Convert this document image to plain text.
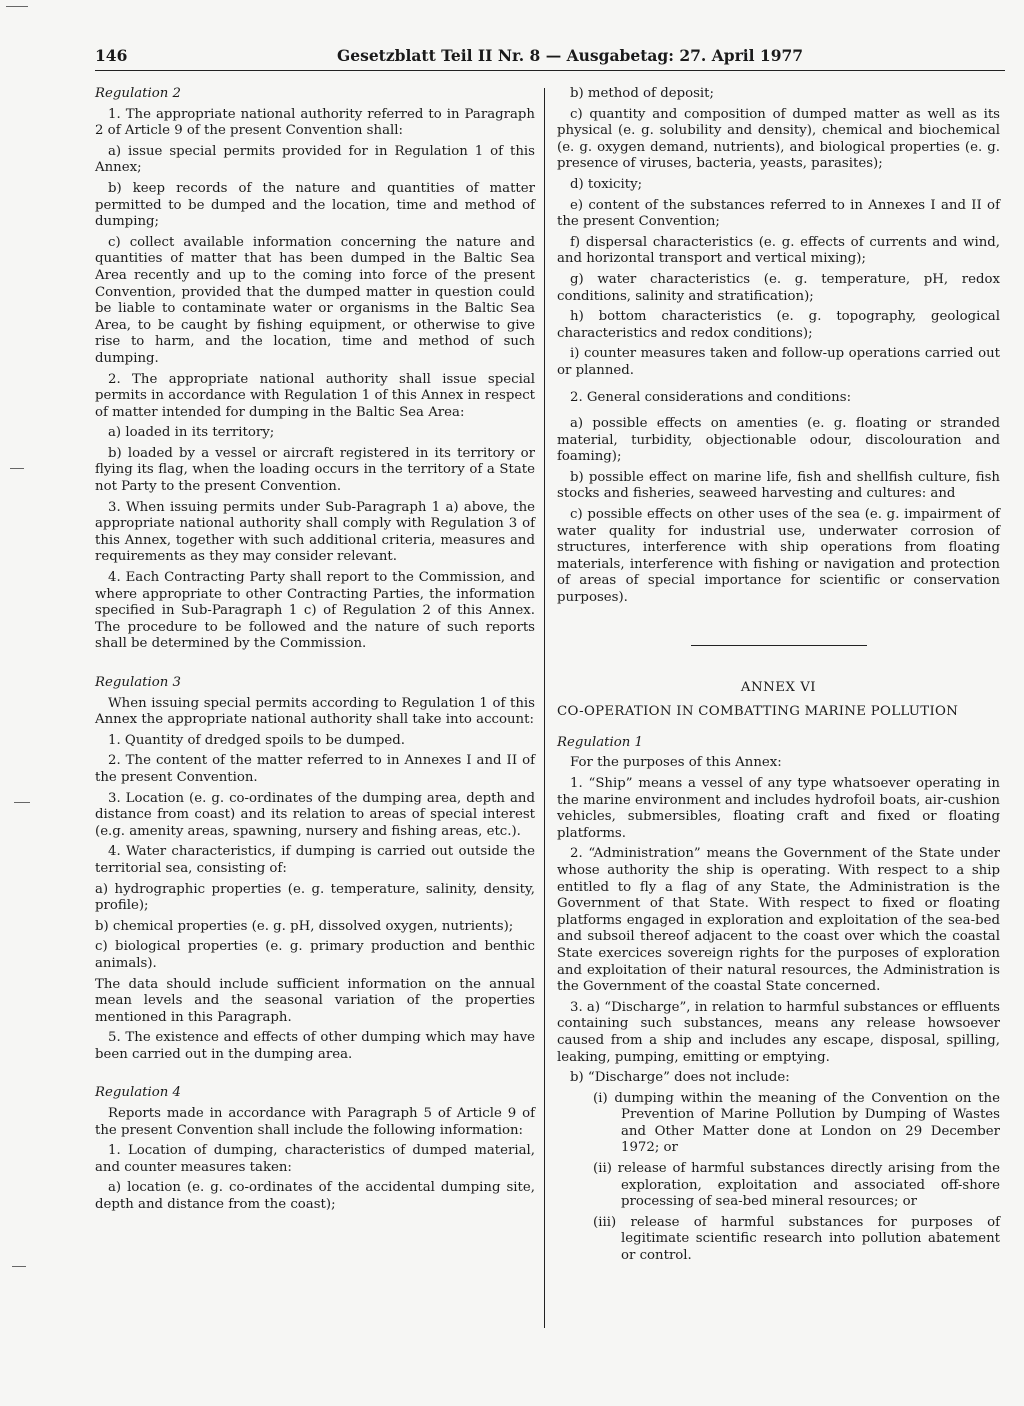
146	Gesetzblatt Teil II Nr. 8 — Ausgabetag: 27. April 1977

Regulation 2

1. The appropriate national authority referred to in Paragraph 2 of Article 9 of the present Convention shall:

a) issue special permits provided for in Regulation 1 of this Annex;

b) keep records of the nature and quantities of matter permitted to be dumped and the location, time and method of dumping;

c) collect available information concerning the nature and quantities of matter that has been dumped in the Baltic Sea Area recently and up to the coming into force of the present Convention, provided that the dumped matter in question could be liable to contaminate water or organisms in the Baltic Sea Area, to be caught by fishing equipment, or otherwise to give rise to harm, and the location, time and method of such dumping.

2. The appropriate national authority shall issue special permits in accordance with Regulation 1 of this Annex in respect of matter intended for dumping in the Baltic Sea Area:

a) loaded in its territory;

b) loaded by a vessel or aircraft registered in its territory or flying its flag, when the loading occurs in the territory of a State not Party to the present Convention.

3. When issuing permits under Sub-Paragraph 1 a) above, the appropriate national authority shall comply with Regulation 3 of this Annex, together with such additional criteria, measures and requirements as they may consider relevant.

4. Each Contracting Party shall report to the Commission, and where appropriate to other Contracting Parties, the information specified in Sub-Paragraph 1 c) of Regulation 2 of this Annex. The procedure to be followed and the nature of such reports shall be determined by the Commission.

Regulation 3

When issuing special permits according to Regulation 1 of this Annex the appropriate national authority shall take into account:

1. Quantity of dredged spoils to be dumped.

2. The content of the matter referred to in Annexes I and II of the present Convention.

3. Location (e. g. co-ordinates of the dumping area, depth and distance from coast) and its relation to areas of special interest (e.g. amenity areas, spawning, nursery and fishing areas, etc.).

4. Water characteristics, if dumping is carried out outside the territorial sea, consisting of:

a) hydrographic properties (e. g. temperature, salinity, density, profile);

b) chemical properties (e. g. pH, dissolved oxygen, nutrients);

c) biological properties (e. g. primary production and benthic animals).

The data should include sufficient information on the annual mean levels and the seasonal variation of the properties mentioned in this Paragraph.

5. The existence and effects of other dumping which may have been carried out in the dumping area.

Regulation 4

Reports made in accordance with Paragraph 5 of Article 9 of the present Convention shall include the following information:

1. Location of dumping, characteristics of dumped material, and counter measures taken:

a) location (e. g. co-ordinates of the accidental dumping site, depth and distance from the coast);

b) method of deposit;

c) quantity and composition of dumped matter as well as its physical (e. g. solubility and density), chemical and biochemical (e. g. oxygen demand, nutrients), and biological properties (e. g. presence of viruses, bacteria, yeasts, parasites);

d) toxicity;

e) content of the substances referred to in Annexes I and II of the present Convention;

f) dispersal characteristics (e. g. effects of currents and wind, and horizontal transport and vertical mixing);

g) water characteristics (e. g. temperature, pH, redox conditions, salinity and stratification);

h) bottom characteristics (e. g. topography, geological characteristics and redox conditions);

i) counter measures taken and follow-up operations carried out or planned.

2. General considerations and conditions:

a) possible effects on amenties (e. g. floating or stranded material, turbidity, objectionable odour, discolouration and foaming);

b) possible effect on marine life, fish and shellfish culture, fish stocks and fisheries, seaweed harvesting and cultures: and

c) possible effects on other uses of the sea (e. g. impairment of water quality for industrial use, underwater corrosion of structures, interference with ship operations from floating materials, interference with fishing or navigation and protection of areas of special importance for scientific or conservation purposes).

ANNEX VI

CO-OPERATION IN COMBATTING MARINE POLLUTION

Regulation 1

For the purposes of this Annex:

1. “Ship” means a vessel of any type whatsoever operating in the marine environment and includes hydrofoil boats, air-cushion vehicles, submersibles, floating craft and fixed or floating platforms.

2. “Administration” means the Government of the State under whose authority the ship is operating. With respect to a ship entitled to fly a flag of any State, the Administration is the Government of that State. With respect to fixed or floating platforms engaged in exploration and exploitation of the sea-bed and subsoil thereof adjacent to the coast over which the coastal State exercices sovereign rights for the purposes of exploration and exploitation of their natural resources, the Administration is the Government of the coastal State concerned.

3. a) “Discharge”, in relation to harmful substances or effluents containing such substances, means any release howsoever caused from a ship and includes any escape, disposal, spilling, leaking, pumping, emitting or emptying.

b) “Discharge” does not include:

(i) dumping within the meaning of the Convention on the Prevention of Marine Pollution by Dumping of Wastes and Other Matter done at London on 29 December 1972; or

(ii) release of harmful substances directly arising from the exploration, exploitation and associated off-shore processing of sea-bed mineral resources; or

(iii) release of harmful substances for purposes of legitimate scientific research into pollution abatement or control.
